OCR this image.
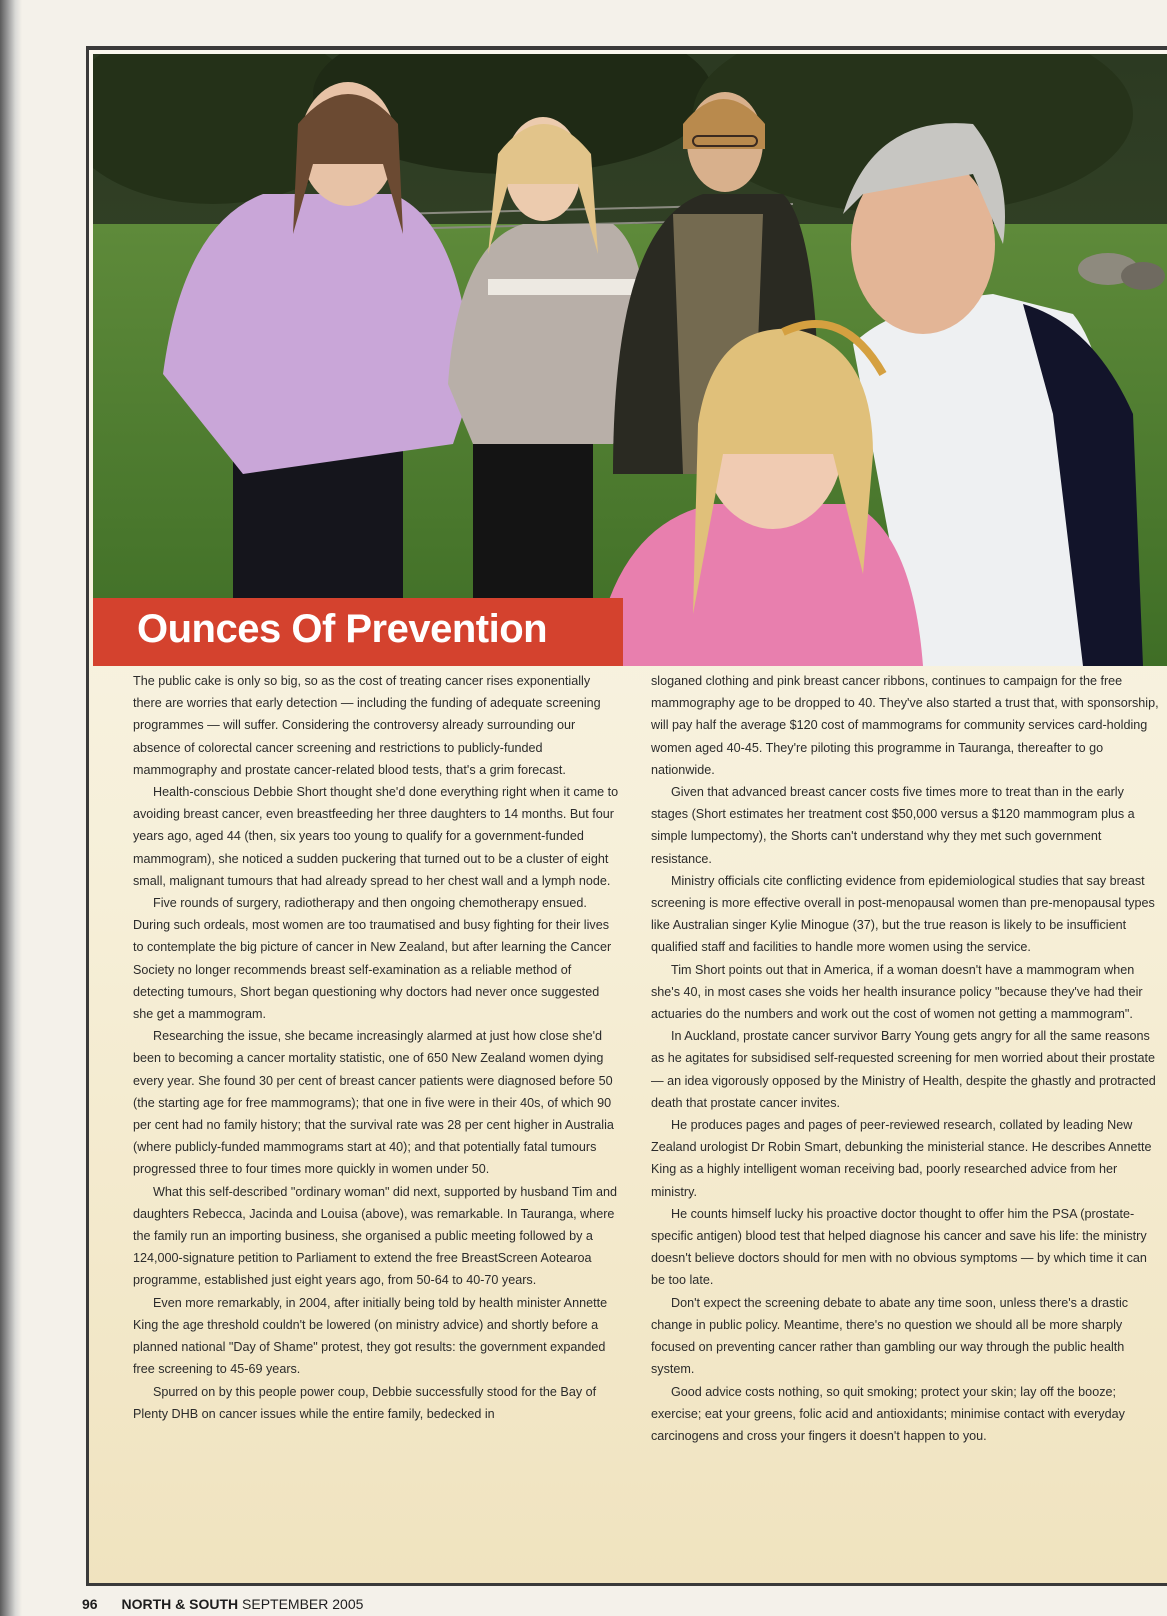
Ounces Of Prevention

The public cake is only so big, so as the cost of treating cancer rises exponentially there are worries that early detection — including the funding of adequate screening programmes — will suffer. Considering the controversy already surrounding our absence of colorectal cancer screening and restrictions to publicly-funded mammography and prostate cancer-related blood tests, that's a grim forecast.

Health-conscious Debbie Short thought she'd done everything right when it came to avoiding breast cancer, even breastfeeding her three daughters to 14 months. But four years ago, aged 44 (then, six years too young to qualify for a government-funded mammogram), she noticed a sudden puckering that turned out to be a cluster of eight small, malignant tumours that had already spread to her chest wall and a lymph node.

Five rounds of surgery, radiotherapy and then ongoing chemotherapy ensued. During such ordeals, most women are too traumatised and busy fighting for their lives to contemplate the big picture of cancer in New Zealand, but after learning the Cancer Society no longer recommends breast self-examination as a reliable method of detecting tumours, Short began questioning why doctors had never once suggested she get a mammogram.

Researching the issue, she became increasingly alarmed at just how close she'd been to becoming a cancer mortality statistic, one of 650 New Zealand women dying every year. She found 30 per cent of breast cancer patients were diagnosed before 50 (the starting age for free mammograms); that one in five were in their 40s, of which 90 per cent had no family history; that the survival rate was 28 per cent higher in Australia (where publicly-funded mammograms start at 40); and that potentially fatal tumours progressed three to four times more quickly in women under 50.

What this self-described "ordinary woman" did next, supported by husband Tim and daughters Rebecca, Jacinda and Louisa (above), was remarkable. In Tauranga, where the family run an importing business, she organised a public meeting followed by a 124,000-signature petition to Parliament to extend the free BreastScreen Aotearoa programme, established just eight years ago, from 50-64 to 40-70 years.

Even more remarkably, in 2004, after initially being told by health minister Annette King the age threshold couldn't be lowered (on ministry advice) and shortly before a planned national "Day of Shame" protest, they got results: the government expanded free screening to 45-69 years.

Spurred on by this people power coup, Debbie successfully stood for the Bay of Plenty DHB on cancer issues while the entire family, bedecked in

sloganed clothing and pink breast cancer ribbons, continues to campaign for the free mammography age to be dropped to 40. They've also started a trust that, with sponsorship, will pay half the average $120 cost of mammograms for community services card-holding women aged 40-45. They're piloting this programme in Tauranga, thereafter to go nationwide.

Given that advanced breast cancer costs five times more to treat than in the early stages (Short estimates her treatment cost $50,000 versus a $120 mammogram plus a simple lumpectomy), the Shorts can't understand why they met such government resistance.

Ministry officials cite conflicting evidence from epidemiological studies that say breast screening is more effective overall in post-menopausal women than pre-menopausal types like Australian singer Kylie Minogue (37), but the true reason is likely to be insufficient qualified staff and facilities to handle more women using the service.

Tim Short points out that in America, if a woman doesn't have a mammogram when she's 40, in most cases she voids her health insurance policy "because they've had their actuaries do the numbers and work out the cost of women not getting a mammogram".

In Auckland, prostate cancer survivor Barry Young gets angry for all the same reasons as he agitates for subsidised self-requested screening for men worried about their prostate — an idea vigorously opposed by the Ministry of Health, despite the ghastly and protracted death that prostate cancer invites.

He produces pages and pages of peer-reviewed research, collated by leading New Zealand urologist Dr Robin Smart, debunking the ministerial stance. He describes Annette King as a highly intelligent woman receiving bad, poorly researched advice from her ministry.

He counts himself lucky his proactive doctor thought to offer him the PSA (prostate-specific antigen) blood test that helped diagnose his cancer and save his life: the ministry doesn't believe doctors should for men with no obvious symptoms — by which time it can be too late.

Don't expect the screening debate to abate any time soon, unless there's a drastic change in public policy. Meantime, there's no question we should all be more sharply focused on preventing cancer rather than gambling our way through the public health system.

Good advice costs nothing, so quit smoking; protect your skin; lay off the booze; exercise; eat your greens, folic acid and antioxidants; minimise contact with everyday carcinogens and cross your fingers it doesn't happen to you.

96 NORTH & SOUTH SEPTEMBER 2005
